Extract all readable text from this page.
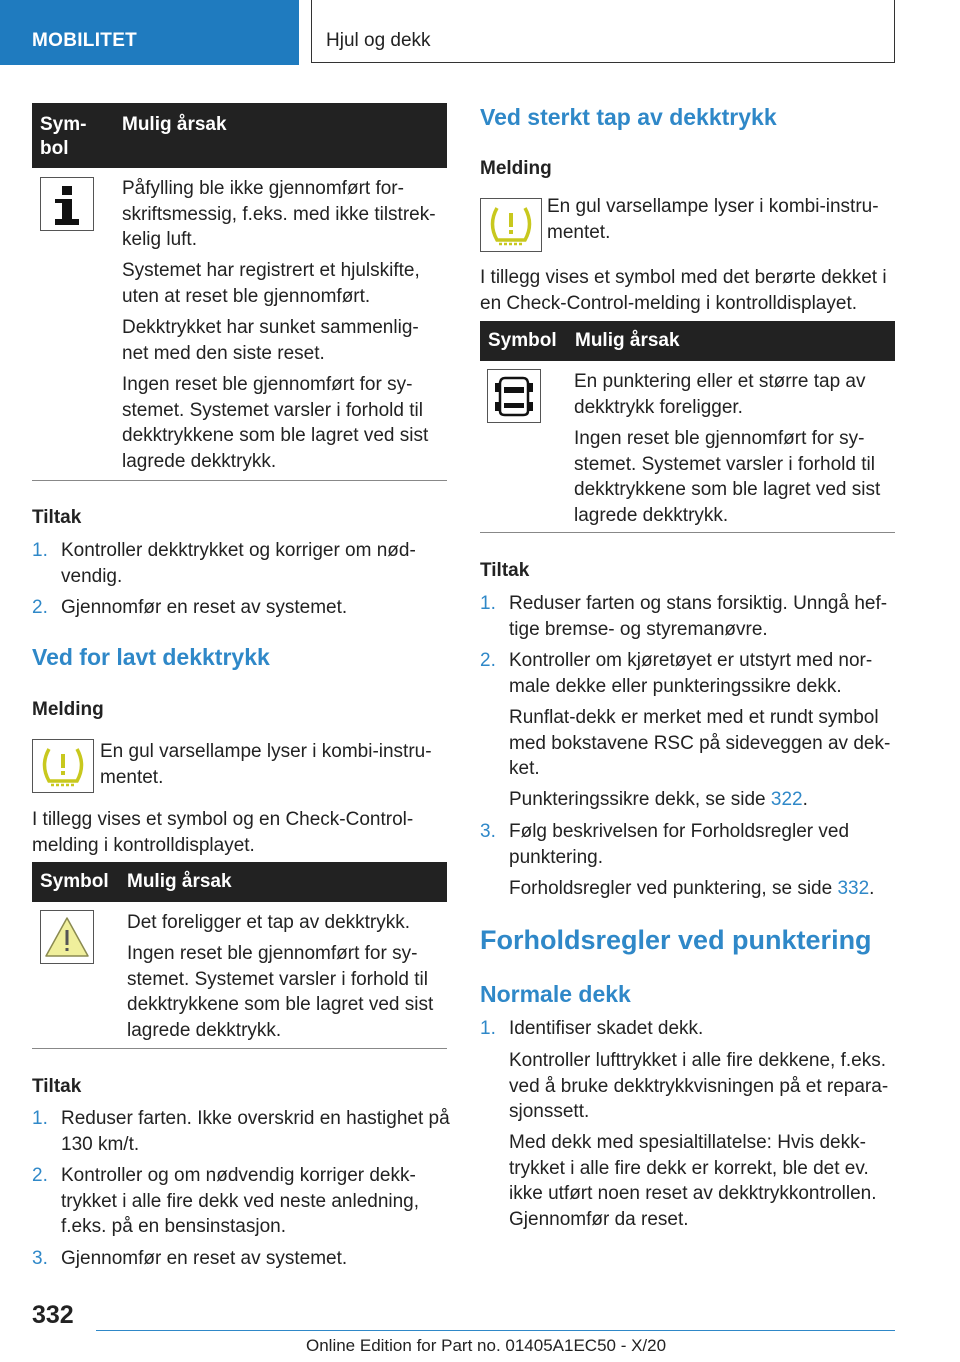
MOBILITET	Hjul og dekk
Sym-
bol
Mulig årsak
Påfylling ble ikke gjennomført for-
skriftsmessig, f.eks. med ikke tilstrek-
kelig luft.
Systemet har registrert et hjulskifte,
uten at reset ble gjennomført.
Dekktrykket har sunket sammenlig-
net med den siste reset.
Ingen reset ble gjennomført for sy-
stemet. Systemet varsler i forhold til
dekktrykkene som ble lagret ved sist
lagrede dekktrykk.
Tiltak
1. Kontroller dekktrykket og korriger om nød-
vendig.
2. Gjennomfør en reset av systemet.
Ved for lavt dekktrykk
Melding
En gul varsellampe lyser i kombi-instru-
mentet.
I tillegg vises et symbol og en Check-Control-
melding i kontrolldisplayet.
Symbol Mulig årsak
Det foreligger et tap av dekktrykk.
Ingen reset ble gjennomført for sy-
stemet. Systemet varsler i forhold til
dekktrykkene som ble lagret ved sist
lagrede dekktrykk.
Tiltak
1. Reduser farten. Ikke overskrid en hastighet på
130 km/t.
2. Kontroller og om nødvendig korriger dekk-
trykket i alle fire dekk ved neste anledning,
f.eks. på en bensinstasjon.
3. Gjennomfør en reset av systemet.
Ved sterkt tap av dekktrykk
Melding
En gul varsellampe lyser i kombi-instru-
mentet.
I tillegg vises et symbol med det berørte dekket i
en Check-Control-melding i kontrolldisplayet.
Symbol Mulig årsak
En punktering eller et større tap av
dekktrykk foreligger.
Ingen reset ble gjennomført for sy-
stemet. Systemet varsler i forhold til
dekktrykkene som ble lagret ved sist
lagrede dekktrykk.
Tiltak
1. Reduser farten og stans forsiktig. Unngå hef-
tige bremse- og styremanøvre.
2. Kontroller om kjøretøyet er utstyrt med nor-
male dekke eller punkteringssikre dekk.
Runflat-dekk er merket med et rundt symbol
med bokstavene RSC på sideveggen av dek-
ket.
Punkteringssikre dekk, se side 322.
3. Følg beskrivelsen for Forholdsregler ved
punktering.
Forholdsregler ved punktering, se side 332.
Forholdsregler ved punktering
Normale dekk
1. Identifiser skadet dekk.
Kontroller lufttrykket i alle fire dekkene, f.eks.
ved å bruke dekktrykkvisningen på et repara-
sjonssett.
Med dekk med spesialtillatelse: Hvis dekk-
trykket i alle fire dekk er korrekt, ble det ev.
ikke utført noen reset av dekktrykkontrollen.
Gjennomfør da reset.
332
Online Edition for Part no. 01405A1EC50 - X/20
